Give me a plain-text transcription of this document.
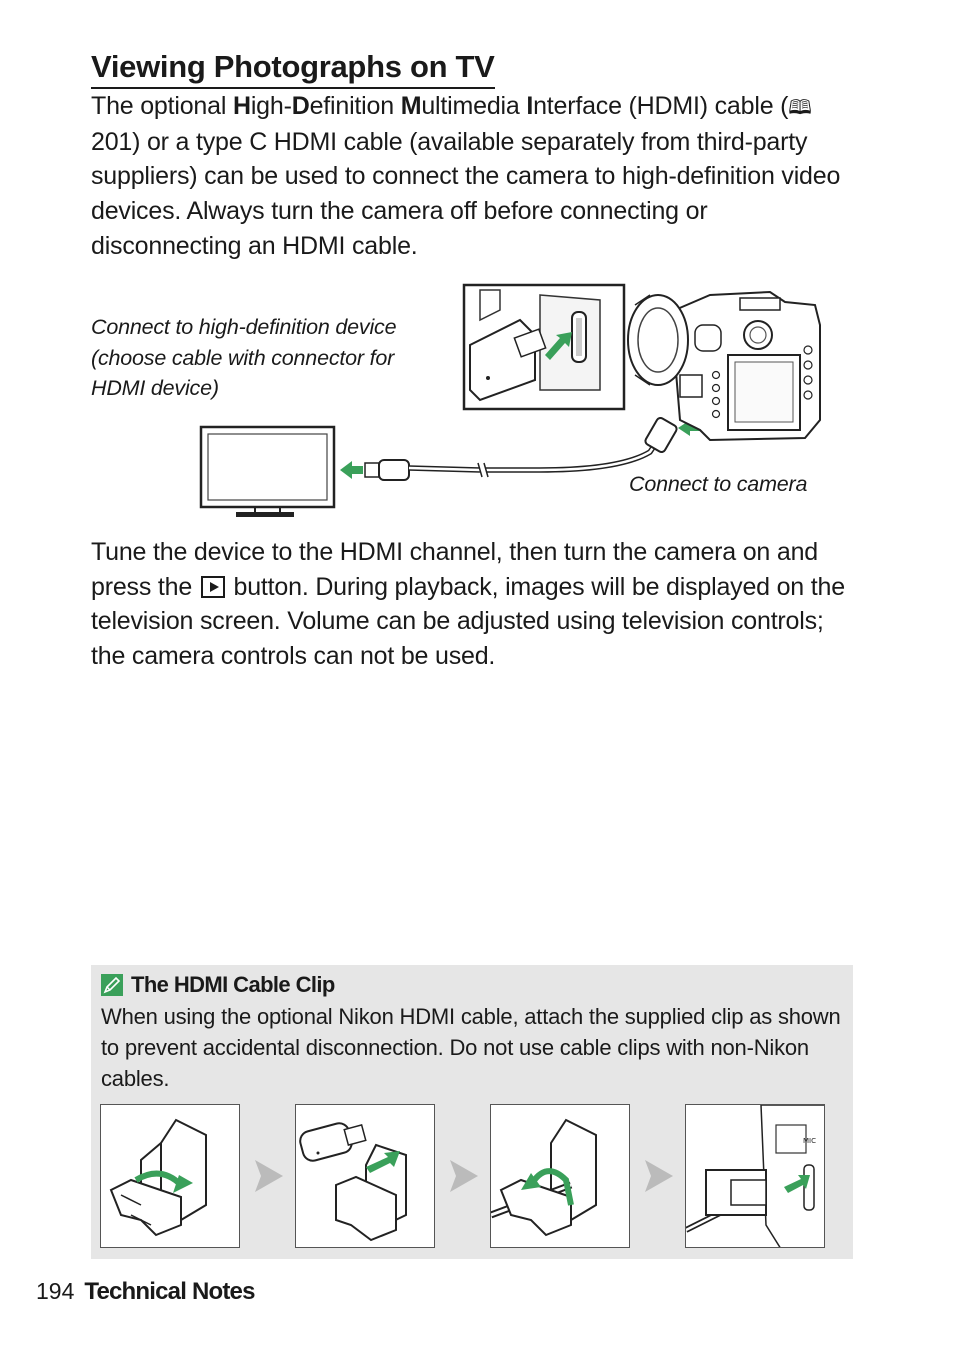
Viewing Photographs on TV

The optional High-Definition Multimedia Interface (HDMI) cable (🕮 201) or a type C HDMI cable (available separately from third-party suppliers) can be used to connect the camera to high-definition video devices. Always turn the camera off before connecting or disconnecting an HDMI cable.

Connect to high-definition device (choose cable with connector for HDMI device)
Connect to camera

Tune the device to the HDMI channel, then turn the camera on and press the  button. During playback, images will be displayed on the television screen. Volume can be adjusted using television controls; the camera controls can not be used.

The HDMI Cable Clip

When using the optional Nikon HDMI cable, attach the supplied clip as shown to prevent accidental disconnection. Do not use cable clips with non-Nikon cables.

MIC
194 Technical Notes
